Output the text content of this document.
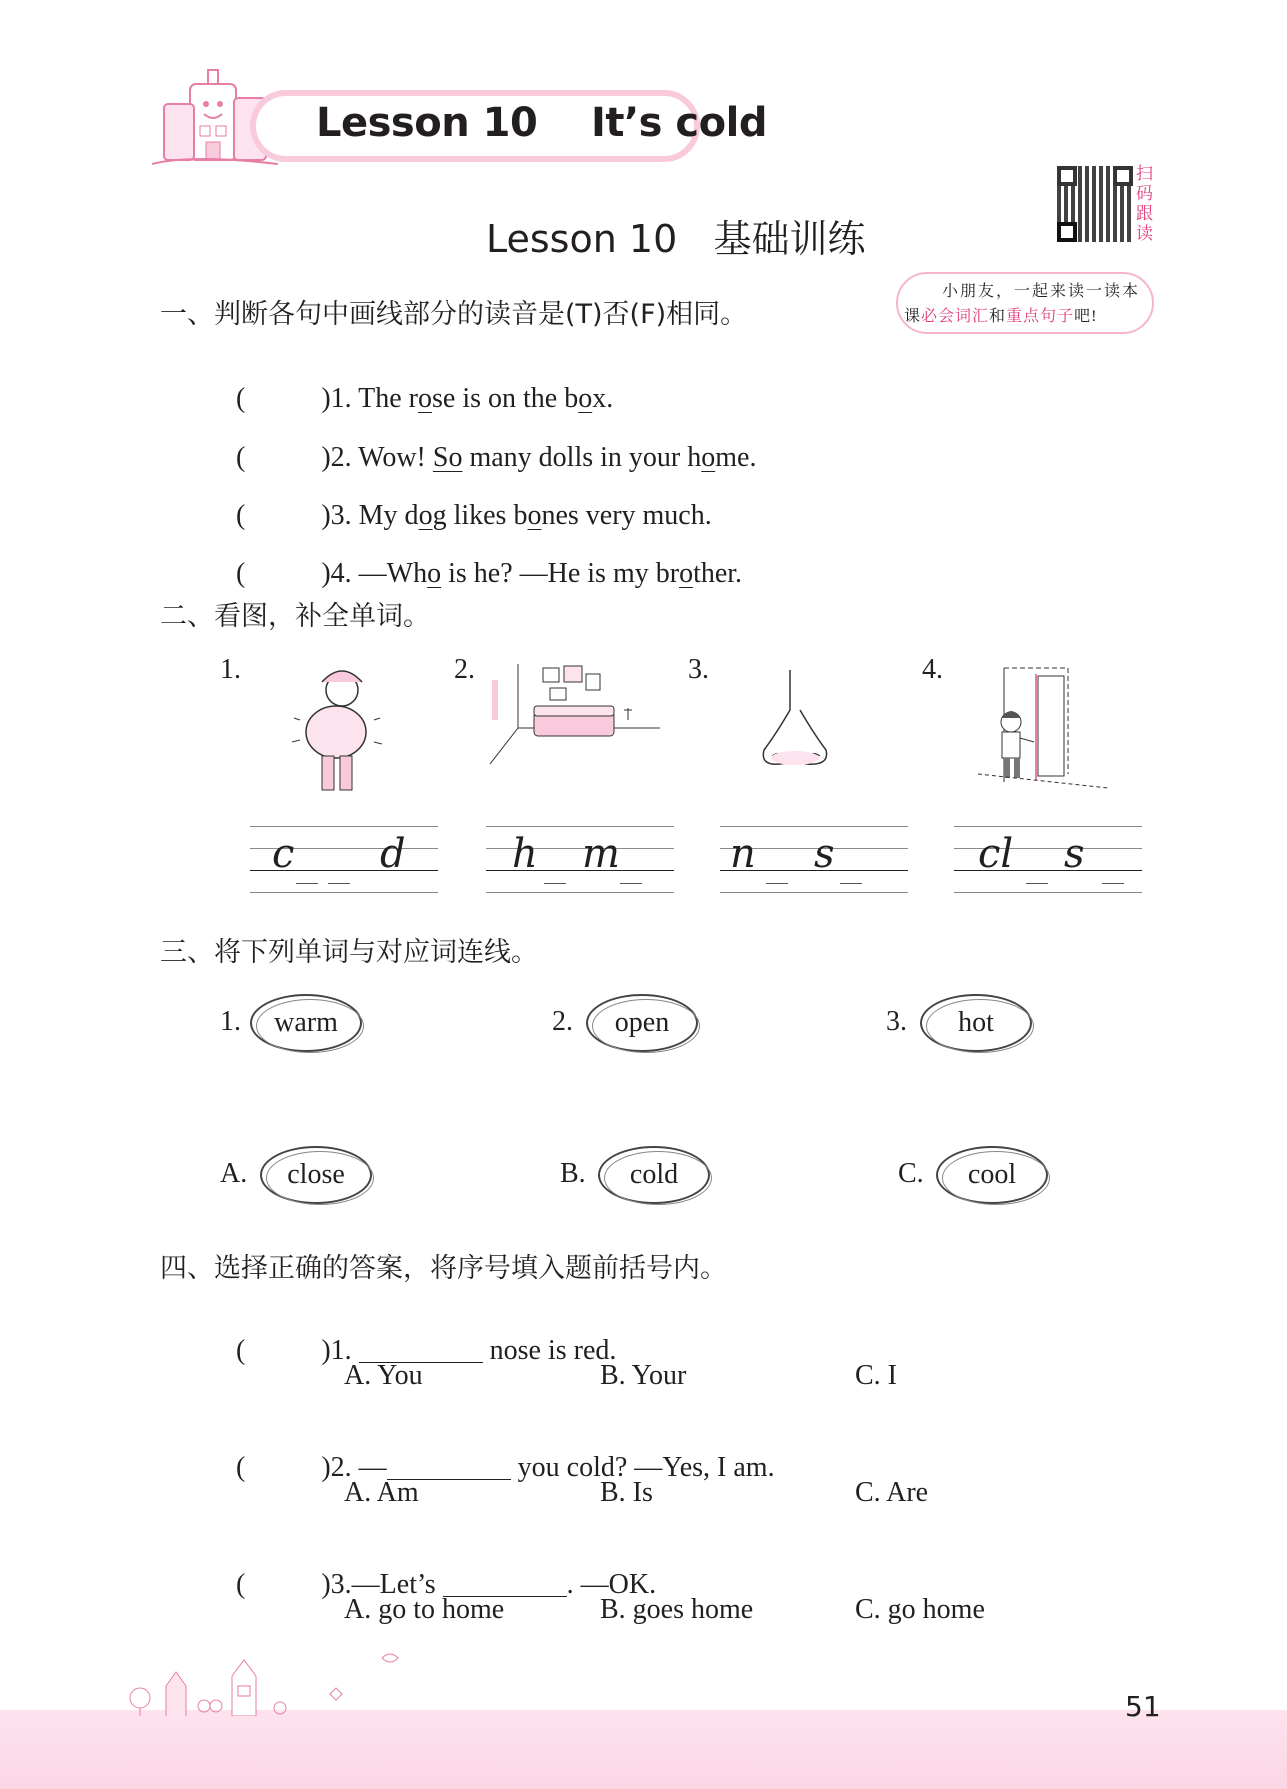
Lesson 10    It’s cold
Lesson 10   基础训练
扫码跟读
小朋友，一起来读一读本
课必会词汇和重点句子吧!
一、判断各句中画线部分的读音是(T)否(F)相同。

(	)1. The rose is on the box.

(	)2. Wow! So many dolls in your home.

(	)3. My dog likes bones very much.

(	)4. —Who is he? —He is my brother.

二、看图，补全单词。
1.
c d
2.
h m
3.
n s
4.
cl s
三、将下列单词与对应词连线。
1. warm	2. open	3. hot
A. close	B. cold	C. cool
四、选择正确的答案，将序号填入题前括号内。

(	)1.	nose is red.

A. You	B. Your	C. I

(	)2. —	you cold? —Yes, I am.

A. Am	B. Is	C. Are

(	)3.—Let’s	. —OK.

A. go to home	B. goes home	C. go home
51
